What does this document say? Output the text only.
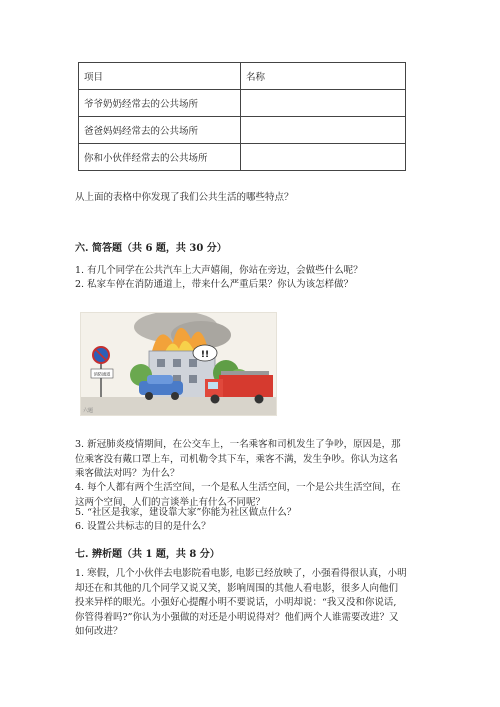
项目	名称
爷爷奶奶经常去的公共场所	
爸爸妈妈经常去的公共场所	
你和小伙伴经常去的公共场所	
从上面的表格中你发现了我们公共生活的哪些特点？
六. 简答题（共 6 题，共 30 分）
1. 有几个同学在公共汽车上大声嬉闹，你站在旁边，会做些什么呢？
2. 私家车停在消防通道上，带来什么严重后果？你认为该怎样做？
消防通道
!!
六题
3. 新冠肺炎疫情期间，在公交车上，一名乘客和司机发生了争吵，原因是，那
位乘客没有戴口罩上车，司机勒令其下车，乘客不满，发生争吵。你认为这名
乘客做法对吗？为什么？
4. 每个人都有两个生活空间，一个是私人生活空间，一个是公共生活空间，在
这两个空间，人们的言谈举止有什么不同呢？
5. “社区是我家，建设靠大家”你能为社区做点什么？
6. 设置公共标志的目的是什么？
七. 辨析题（共 1 题，共 8 分）
1. 寒假，几个小伙伴去电影院看电影, 电影已经放映了，小强看得很认真，小明
却还在和其他的几个同学又说又笑，影响周围的其他人看电影，很多人向他们
投来异样的眼光。小强好心提醒小明不要说话，小明却说：“我又没和你说话,
你管得着吗?”你认为小强做的对还是小明说得对？他们两个人谁需要改进？又
如何改进？
